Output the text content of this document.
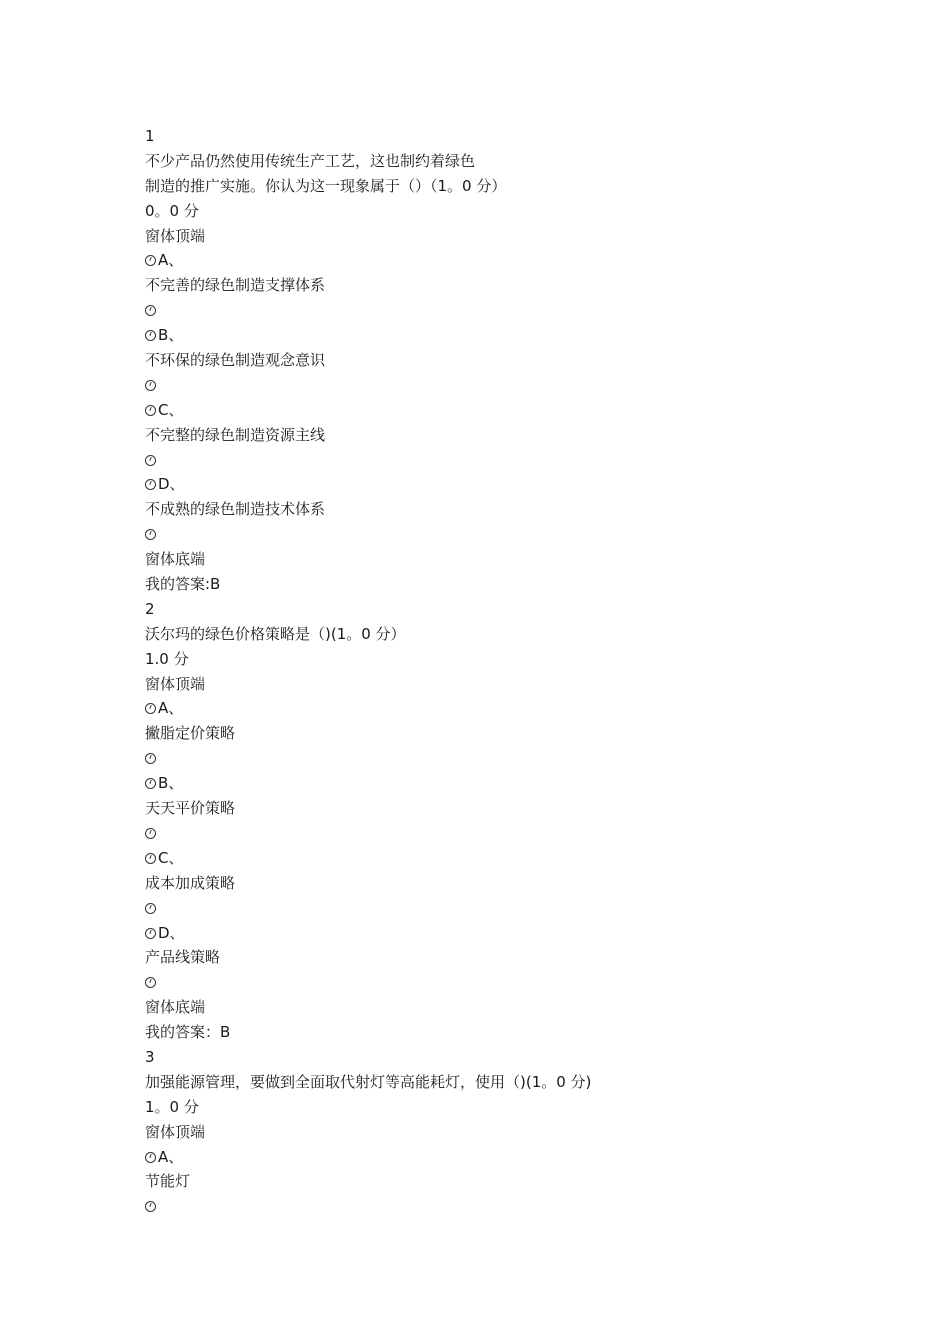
1
不少产品仍然使用传统生产工艺，这也制约着绿色
制造的推广实施。你认为这一现象属于（）（1。0 分）
0。0 分
窗体顶端
A、
不完善的绿色制造支撑体系
B、
不环保的绿色制造观念意识
C、
不完整的绿色制造资源主线
D、
不成熟的绿色制造技术体系
窗体底端
我的答案:B
2
沃尔玛的绿色价格策略是（)(1。0 分）
1.0 分
窗体顶端
A、
撇脂定价策略
B、
天天平价策略
C、
成本加成策略
D、
产品线策略
窗体底端
我的答案：B
3
加强能源管理，要做到全面取代射灯等高能耗灯，使用（)(1。0 分)
1。0 分
窗体顶端
A、
节能灯
